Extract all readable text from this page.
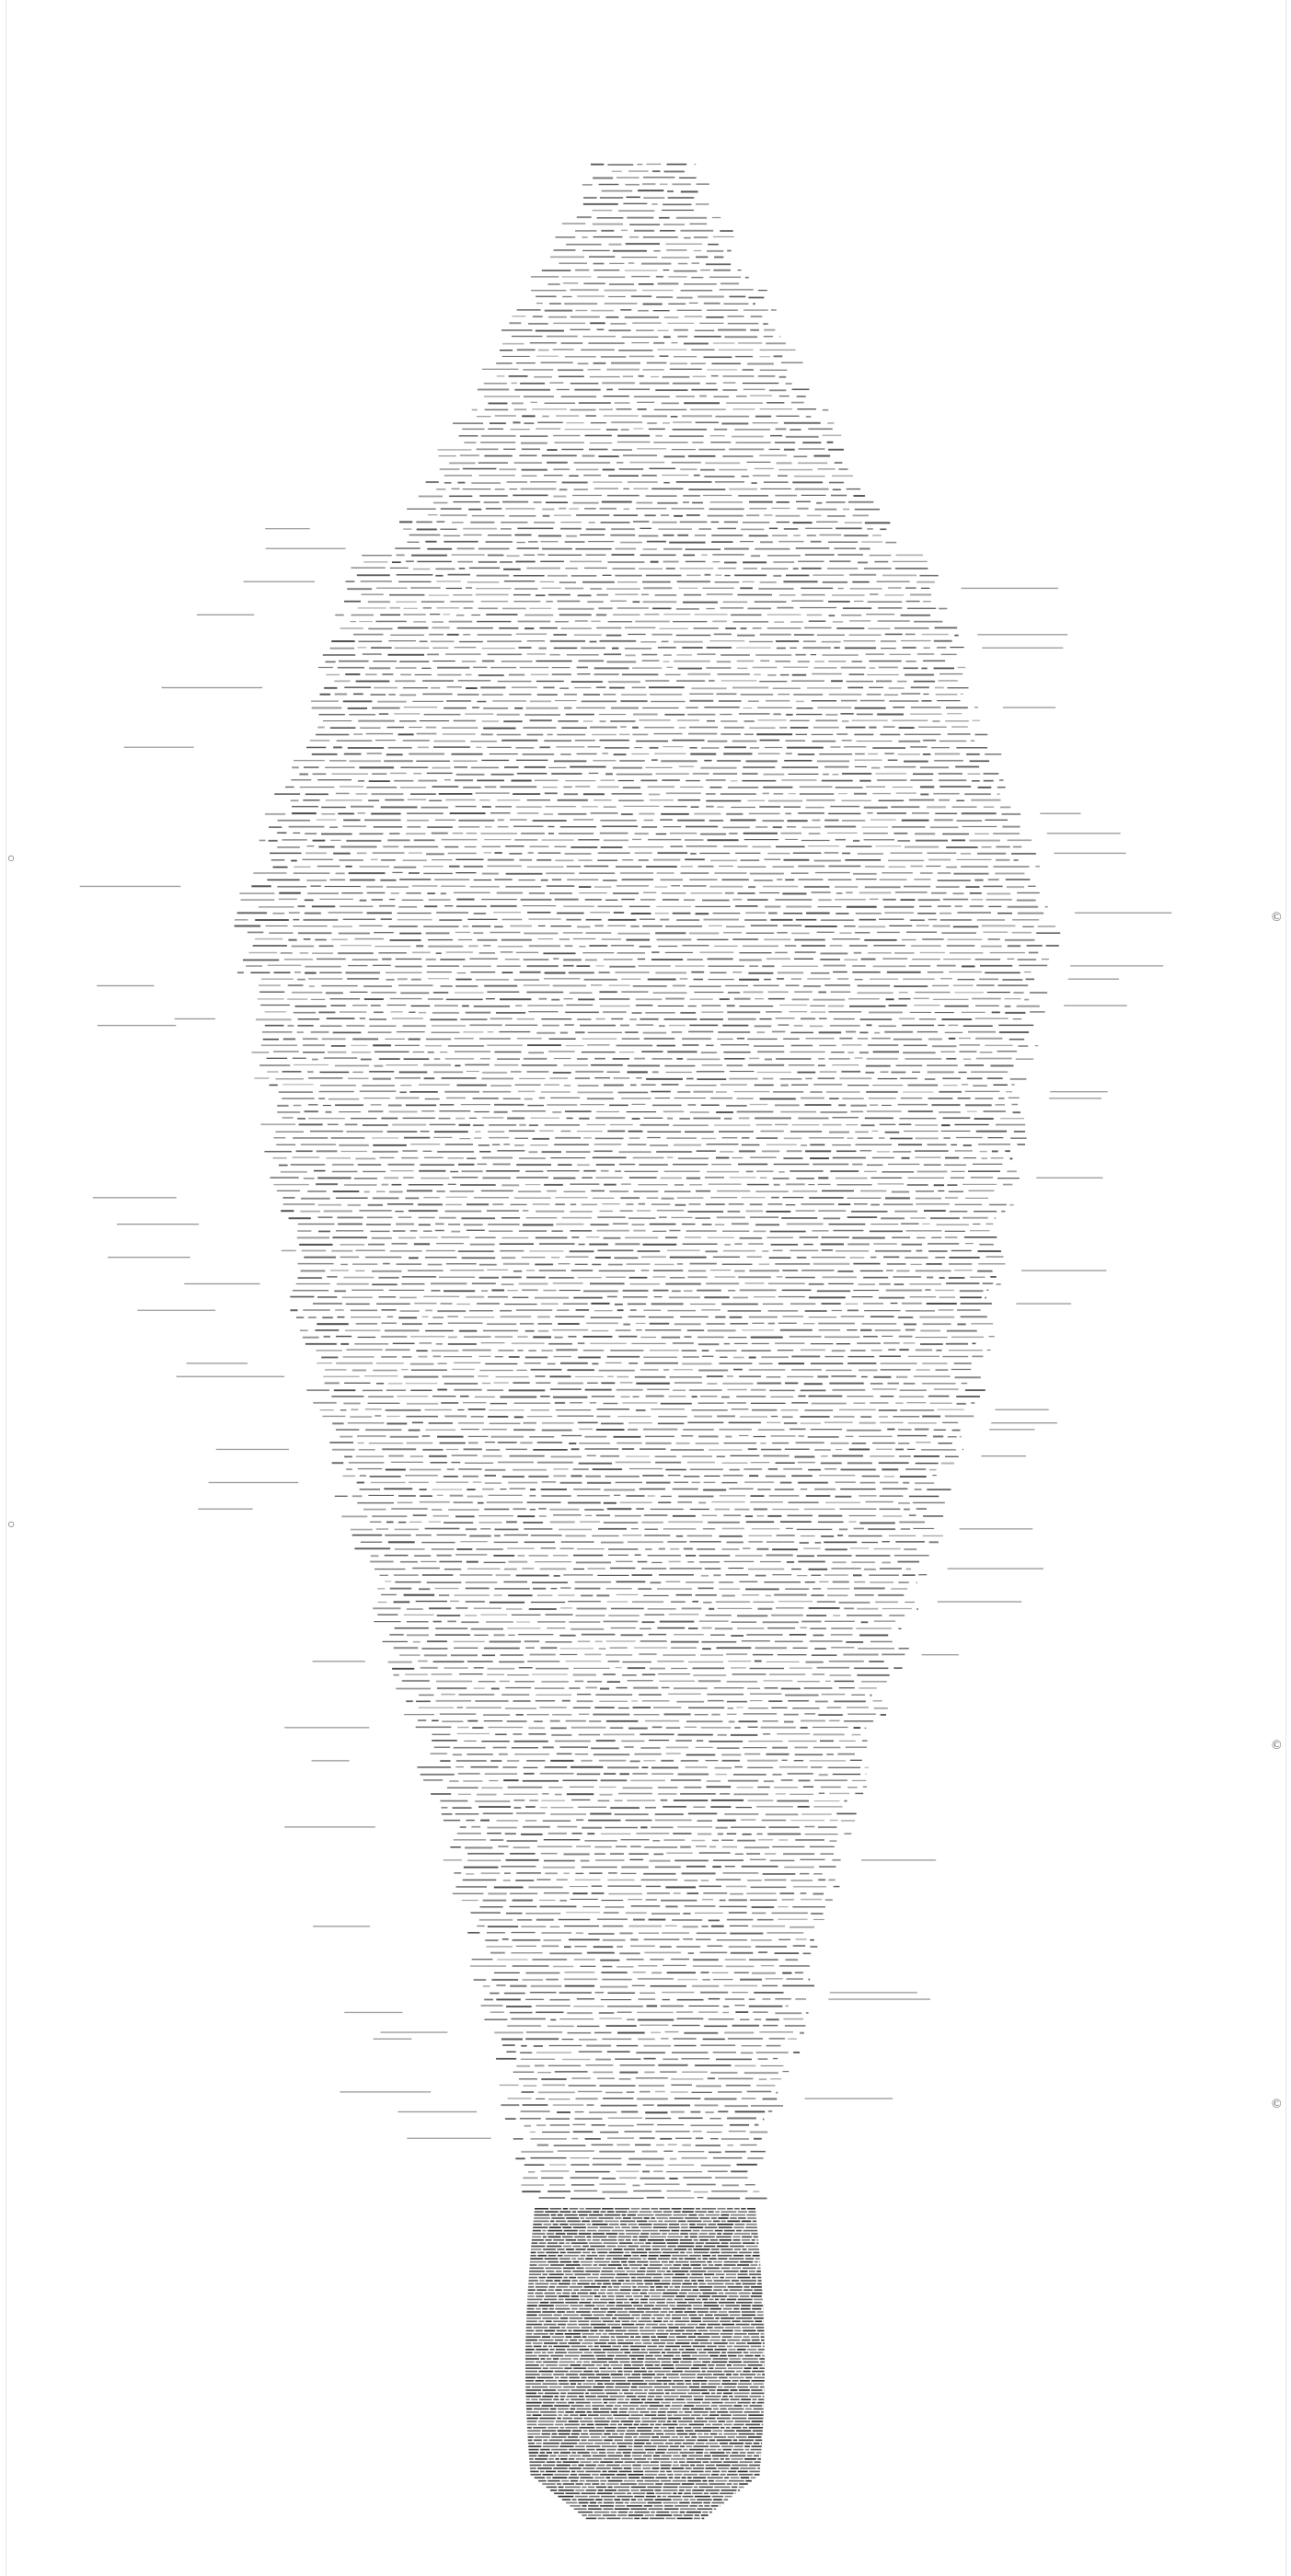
○
○
©
©
©
